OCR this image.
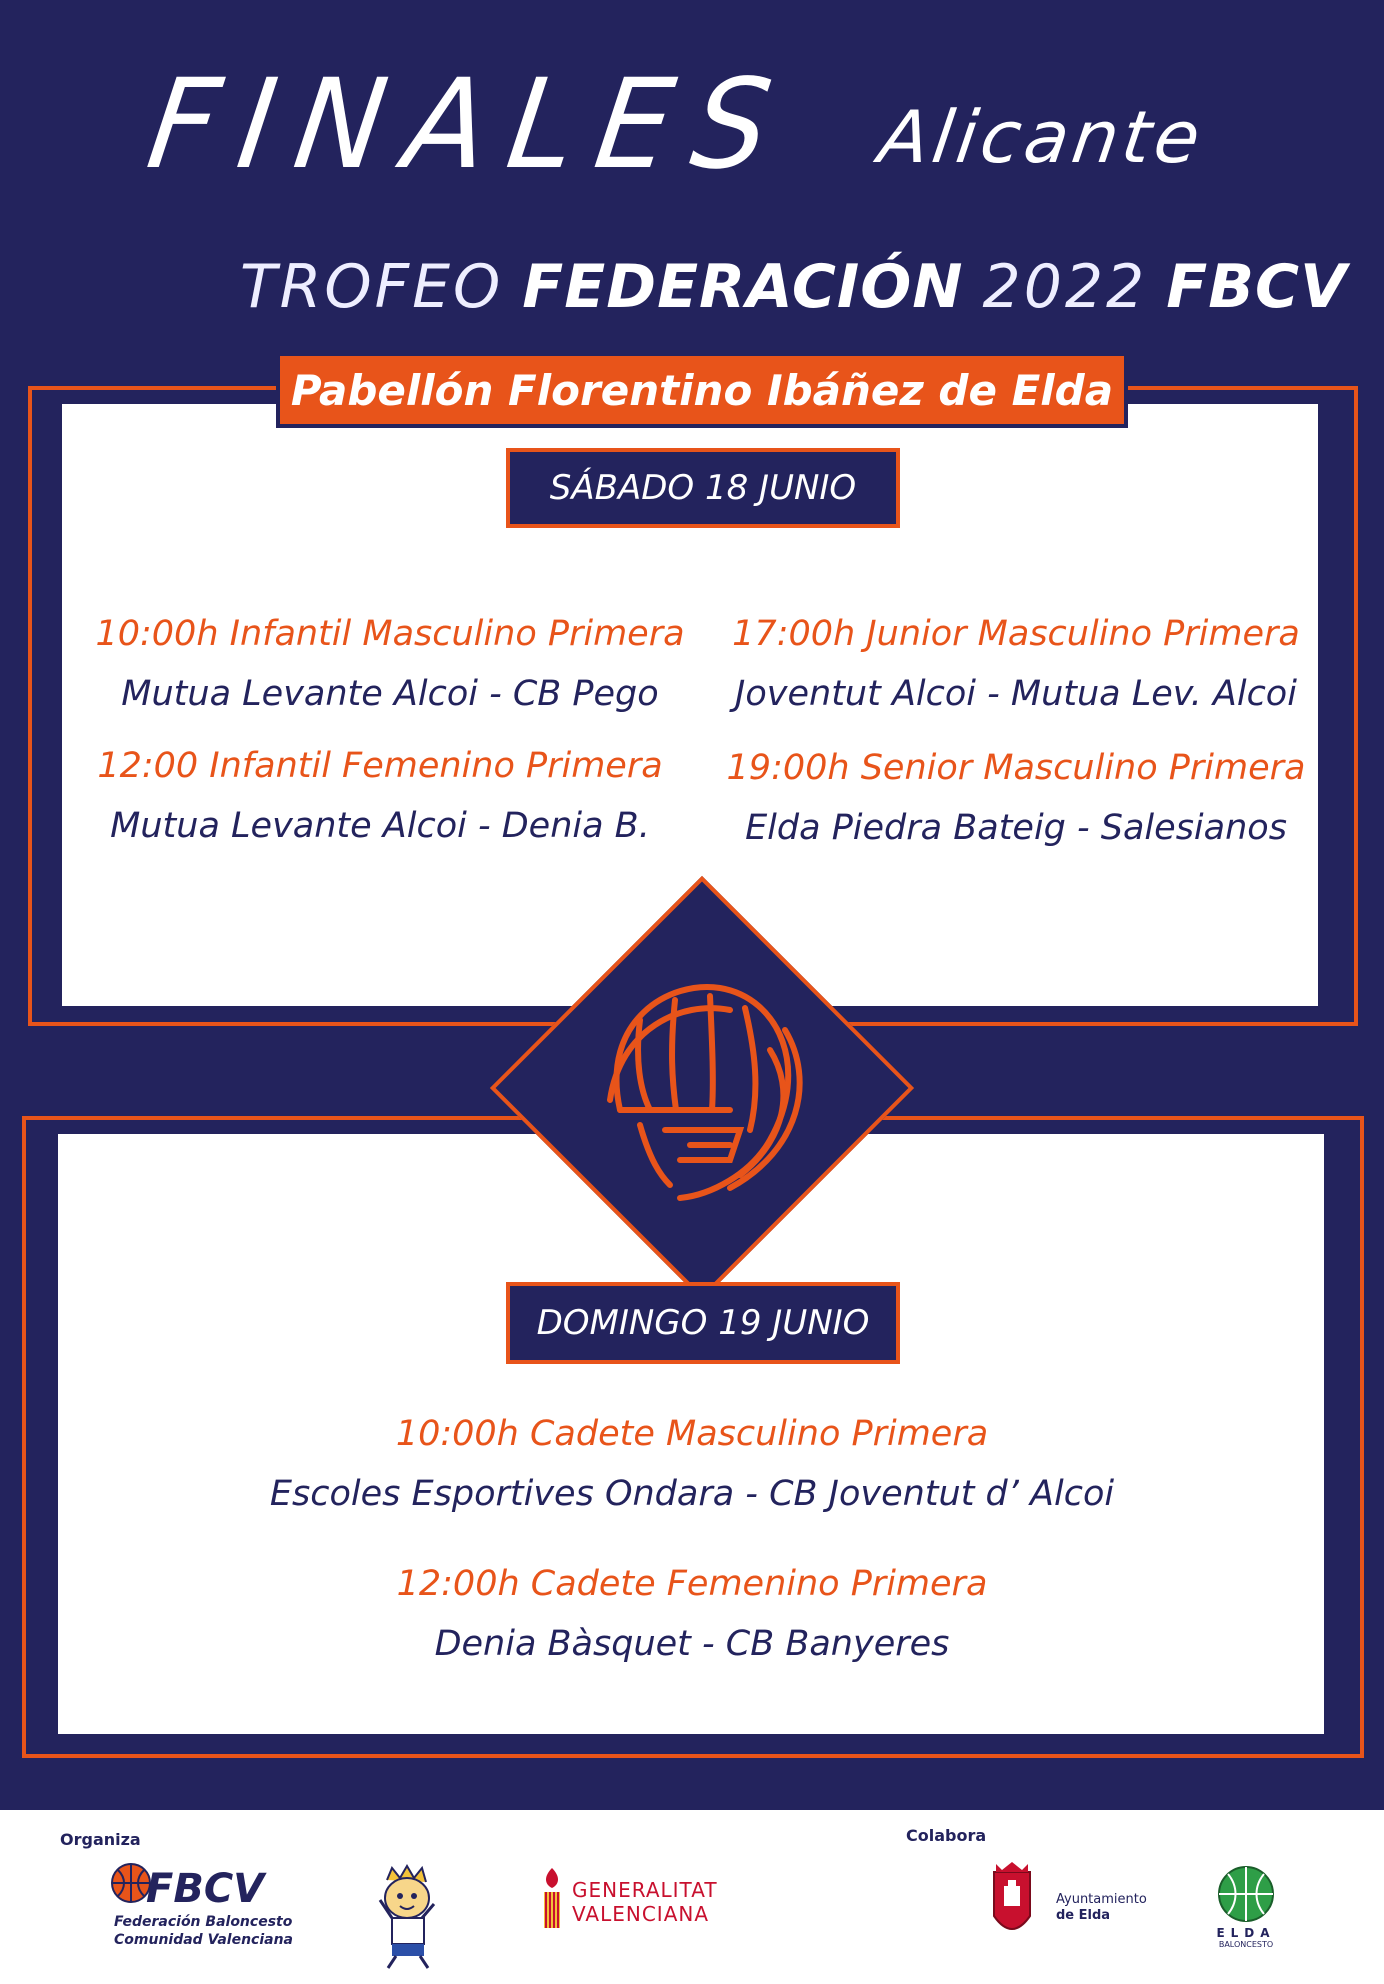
FINALES Alicante
TROFEO FEDERACIÓN 2022 FBCV
Pabellón Florentino Ibáñez de Elda
SÁBADO 18 JUNIO
10:00h Infantil Masculino Primera
Mutua Levante Alcoi - CB Pego
12:00 Infantil Femenino Primera
Mutua Levante Alcoi - Denia B.
17:00h Junior Masculino Primera
Joventut Alcoi - Mutua Lev. Alcoi
19:00h Senior Masculino Primera
Elda Piedra Bateig - Salesianos
DOMINGO 19 JUNIO
10:00h Cadete Masculino Primera
Escoles Esportives Ondara - CB Joventut d’ Alcoi
12:00h Cadete Femenino Primera
Denia Bàsquet - CB Banyeres
Organiza	Colabora
FBCV
Federación Baloncesto
Comunidad Valenciana
GENERALITAT
VALENCIANA
Ayuntamiento
de Elda
ELDA
BALONCESTO
